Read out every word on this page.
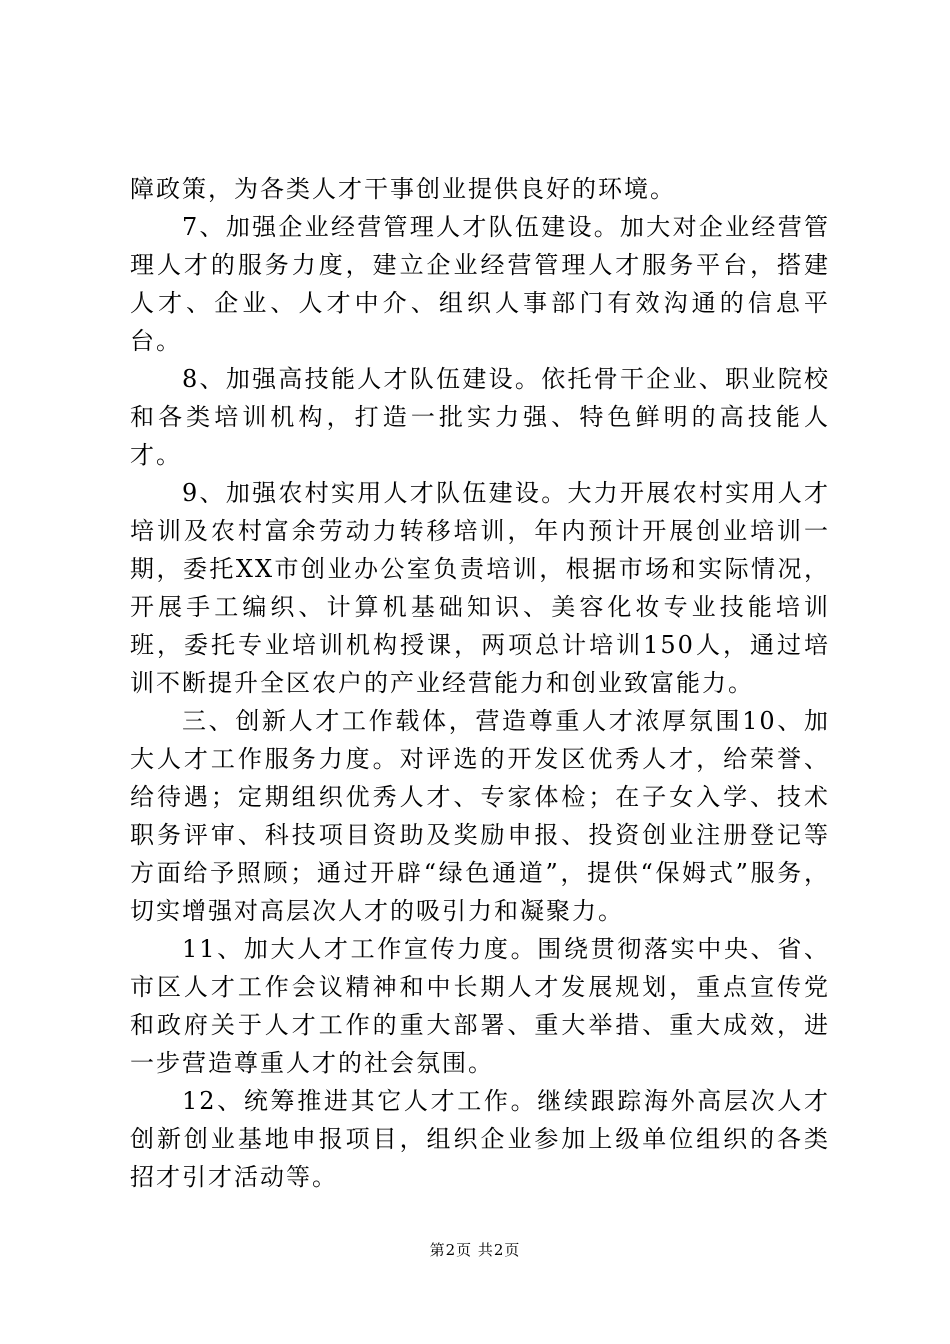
障政策，为各类人才干事创业提供良好的环境。

7、加强企业经营管理人才队伍建设。加大对企业经营管理人才的服务力度，建立企业经营管理人才服务平台，搭建人才、企业、人才中介、组织人事部门有效沟通的信息平台。

8、加强高技能人才队伍建设。依托骨干企业、职业院校和各类培训机构，打造一批实力强、特色鲜明的高技能人才。

9、加强农村实用人才队伍建设。大力开展农村实用人才培训及农村富余劳动力转移培训，年内预计开展创业培训一期，委托XX市创业办公室负责培训，根据市场和实际情况，开展手工编织、计算机基础知识、美容化妆专业技能培训班，委托专业培训机构授课，两项总计培训150人，通过培训不断提升全区农户的产业经营能力和创业致富能力。

三、创新人才工作载体，营造尊重人才浓厚氛围10、加大人才工作服务力度。对评选的开发区优秀人才，给荣誉、给待遇；定期组织优秀人才、专家体检；在子女入学、技术职务评审、科技项目资助及奖励申报、投资创业注册登记等方面给予照顾；通过开辟“绿色通道”，提供“保姆式”服务，切实增强对高层次人才的吸引力和凝聚力。

11、加大人才工作宣传力度。围绕贯彻落实中央、省、市区人才工作会议精神和中长期人才发展规划，重点宣传党和政府关于人才工作的重大部署、重大举措、重大成效，进一步营造尊重人才的社会氛围。

12、统筹推进其它人才工作。继续跟踪海外高层次人才创新创业基地申报项目，组织企业参加上级单位组织的各类招才引才活动等。

第2页 共2页
